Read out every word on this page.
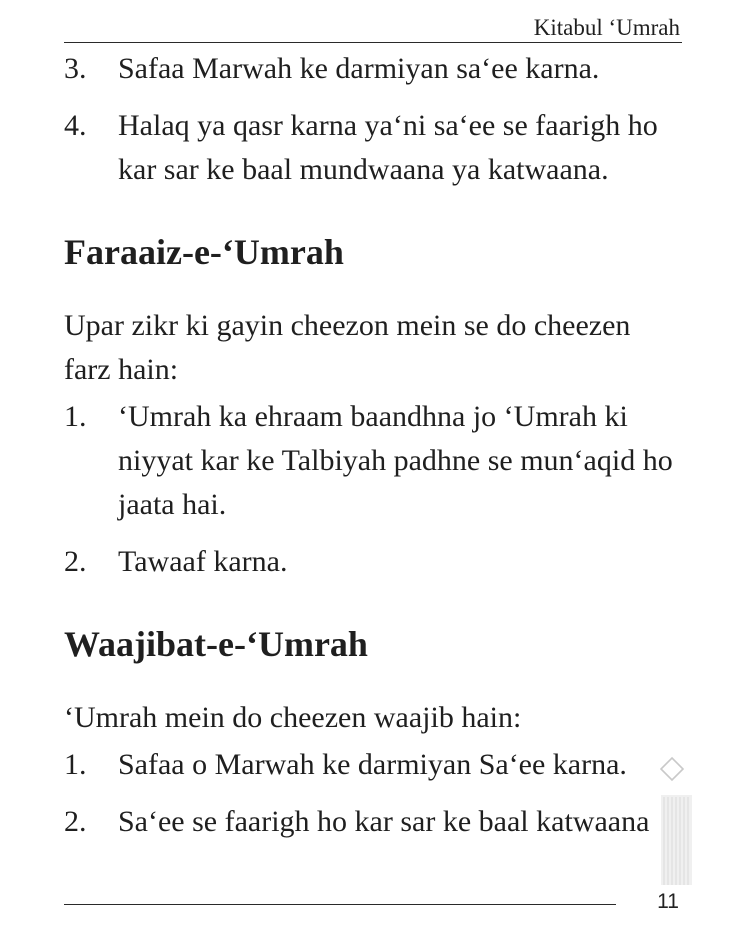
Kitabul ‘Umrah
3.	Safaa Marwah ke darmiyan sa‘ee karna.
4.	Halaq ya qasr karna ya‘ni sa‘ee se faarigh ho kar sar ke baal mundwaana ya katwaana.
Faraaiz-e-‘Umrah
Upar zikr ki gayin cheezon mein se do cheezen farz hain:
1.	‘Umrah ka ehraam baandhna jo ‘Umrah ki niyyat kar ke Talbiyah padhne se mun‘aqid ho jaata hai.
2.	Tawaaf karna.
Waajibat-e-‘Umrah
‘Umrah mein do cheezen waajib hain:
1.	Safaa o Marwah ke darmiyan Sa‘ee karna.
2.	Sa‘ee se faarigh ho kar sar ke baal katwaana
11
